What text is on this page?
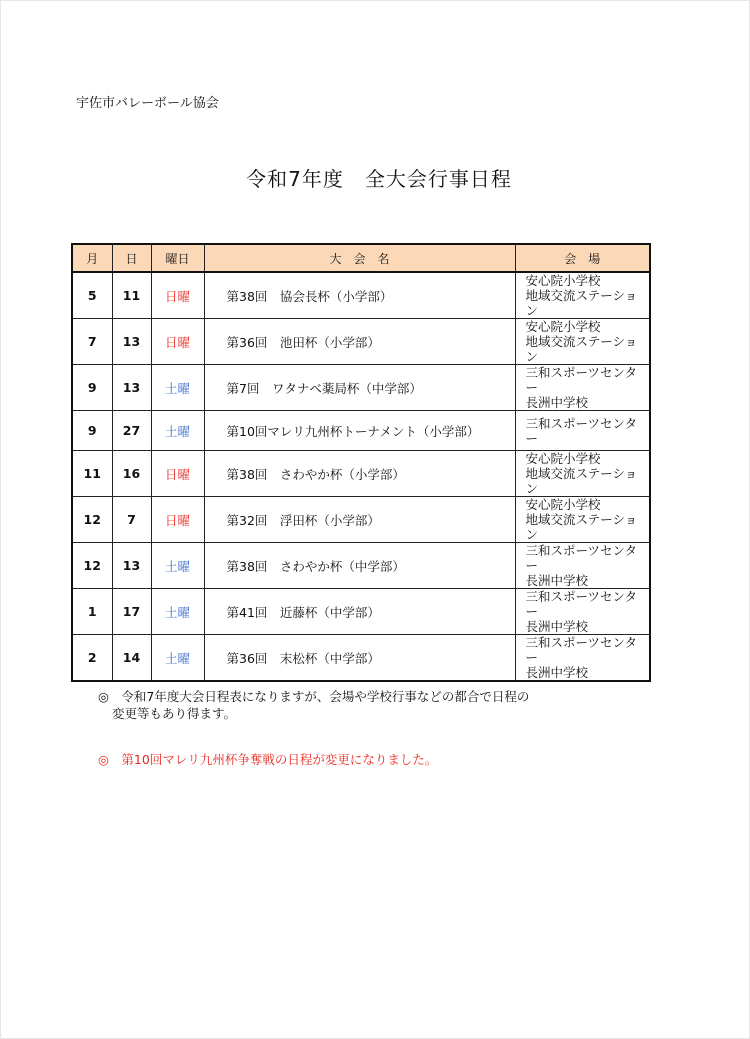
宇佐市バレーボール協会
令和7年度　全大会行事日程
月	日	曜日	大　会　名	会　場
5	11	日曜	第38回　協会長杯（小学部）	安心院小学校
地域交流ステーション

7	13	日曜	第36回　池田杯（小学部）	安心院小学校
地域交流ステーション

9	13	土曜	第7回　ワタナベ薬局杯（中学部）	三和スポーツセンター
長洲中学校

9	27	土曜	第10回マレリ九州杯トーナメント（小学部）	三和スポーツセンター

11	16	日曜	第38回　さわやか杯（小学部）	安心院小学校
地域交流ステーション

12	7	日曜	第32回　浮田杯（小学部）	安心院小学校
地域交流ステーション

12	13	土曜	第38回　さわやか杯（中学部）	三和スポーツセンター
長洲中学校

1	17	土曜	第41回　近藤杯（中学部）	三和スポーツセンター
長洲中学校

2	14	土曜	第36回　末松杯（中学部）	三和スポーツセンター
長洲中学校
◎　令和7年度大会日程表になりますが、会場や学校行事などの都合で日程の
変更等もあり得ます。
◎　第10回マレリ九州杯争奪戦の日程が変更になりました。
